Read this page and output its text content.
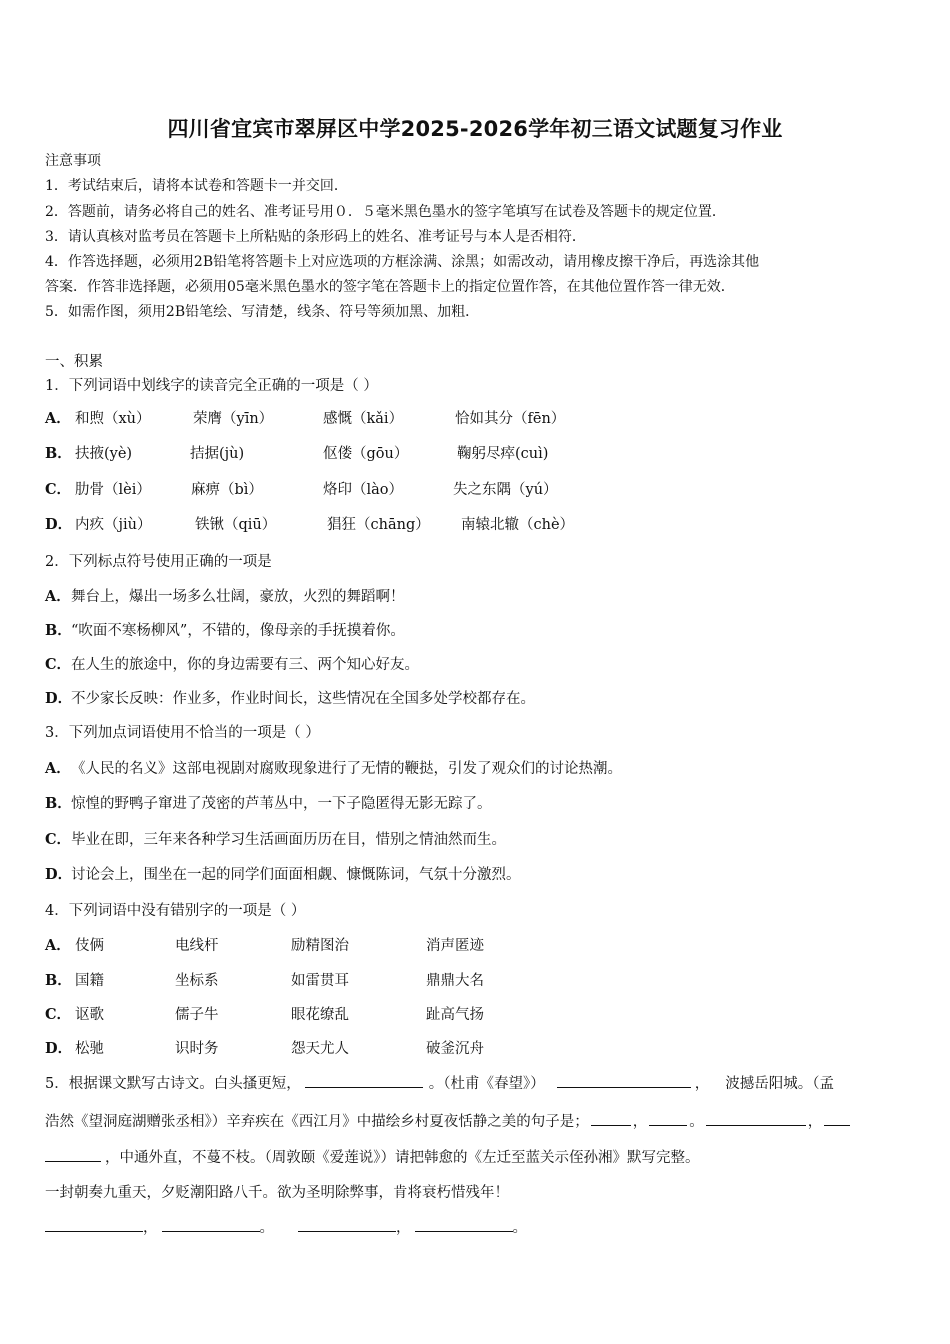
四川省宜宾市翠屏区中学2025-2026学年初三语文试题复习作业
注意事项
1．考试结束后，请将本试卷和答题卡一并交回．
2．答题前，请务必将自己的姓名、准考证号用０．５毫米黑色墨水的签字笔填写在试卷及答题卡的规定位置．
3．请认真核对监考员在答题卡上所粘贴的条形码上的姓名、准考证号与本人是否相符．
4．作答选择题，必须用2B铅笔将答题卡上对应选项的方框涂满、涂黑；如需改动，请用橡皮擦干净后，再选涂其他
答案．作答非选择题，必须用05毫米黑色墨水的签字笔在答题卡上的指定位置作答，在其他位置作答一律无效．
5．如需作图，须用2B铅笔绘、写清楚，线条、符号等须加黑、加粗．
一、积累
1．下列词语中划线字的读音完全正确的一项是（ ）
A． 和煦（xù）	荣膺（yīn）	感慨（kǎi）	恰如其分（fēn）
B． 扶掖(yè)	拮据(jù)	伛偻（gōu）	鞠躬尽瘁(cuì)
C． 肋骨（lèi）	麻痹（bì）	烙印（lào）	失之东隅（yú）
D． 内疚（jiù）	铁锹（qiū）	猖狂（chāng） 南辕北辙（chè）
2．下列标点符号使用正确的一项是
A．舞台上，爆出一场多么壮阔，豪放，火烈的舞蹈啊！
B．“吹面不寒杨柳风”，不错的，像母亲的手抚摸着你。
C．在人生的旅途中，你的身边需要有三、两个知心好友。
D．不少家长反映：作业多，作业时间长，这些情况在全国多处学校都存在。
3．下列加点词语使用不恰当的一项是（ ）
A．《人民的名义》这部电视剧对腐败现象进行了无情的鞭挞，引发了观众们的讨论热潮。
B．惊惶的野鸭子窜进了茂密的芦苇丛中，一下子隐匿得无影无踪了。
C．毕业在即，三年来各种学习生活画面历历在目，惜别之情油然而生。
D．讨论会上，围坐在一起的同学们面面相觑、慷慨陈词，气氛十分激烈。
4．下列词语中没有错别字的一项是（ ）
A． 伎俩	电线杆	励精图治	消声匿迹
B． 国籍	坐标系	如雷贯耳	鼎鼎大名
C． 讴歌	儒子牛	眼花缭乱	趾高气扬
D． 松驰	识时务	怨天尤人	破釜沉舟
5．根据课文默写古诗文。白头搔更短，	。（杜甫《春望》）	， 波撼岳阳城。（孟
浩然《望洞庭湖赠张丞相》）辛弃疾在《西江月》中描绘乡村夏夜恬静之美的句子是；	，	。	，
，中通外直，不蔓不枝。（周敦颐《爱莲说》）请把韩愈的《左迁至蓝关示侄孙湘》默写完整。
一封朝奏九重天，夕贬潮阳路八千。欲为圣明除弊事，肯将衰朽惜残年！
，	。	，	。
